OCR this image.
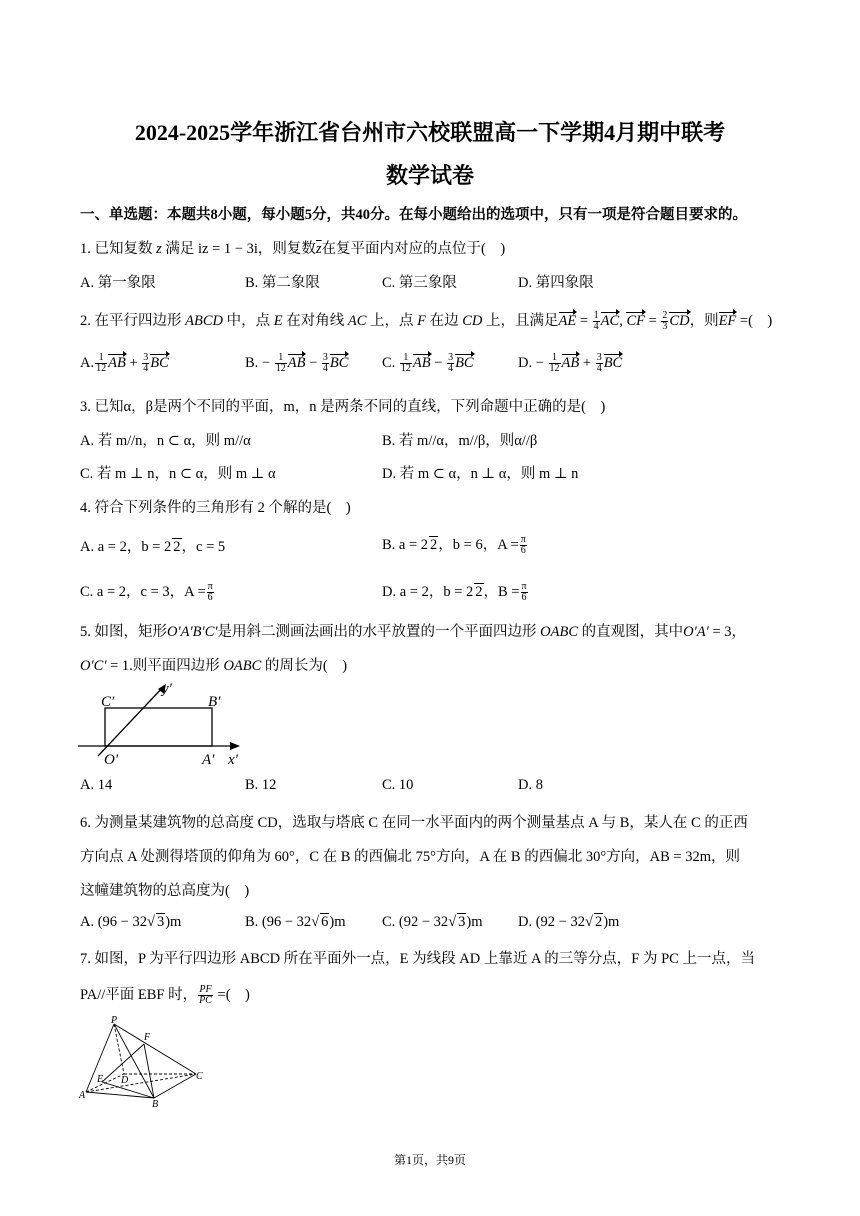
2024-2025学年浙江省台州市六校联盟高一下学期4月期中联考
数学试卷
一、单选题：本题共8小题，每小题5分，共40分。在每小题给出的选项中，只有一项是符合题目要求的。
1. 已知复数 z 满足 iz = 1 − 3i，则复数$\overline{z}$在复平面内对应的点位于(　)
A. 第一象限	B. 第二象限	C. 第三象限	D. 第四象限
2. 在平行四边形 ABCD 中，点 E 在对角线 AC 上，点 F 在边 CD 上，且满足AE = $\frac{1}{4}$ AC, CF = $\frac{2}{3}$ CD，则EF =(　)
A. $\frac{1}{12}$ AB + $\frac{3}{4}$ BC	B. − $\frac{1}{12}$ AB − $\frac{3}{4}$ BC C. $\frac{1}{12}$ AB − $\frac{3}{4}$ BC	D. − $\frac{1}{12}$ AB + $\frac{3}{4}$ BC
3. 已知α，β是两个不同的平面，m，n 是两条不同的直线，下列命题中正确的是(　)
A. 若 m//n，n ⊂ α，则 m//α	B. 若 m//α，m//β，则α//β
C. 若 m ⊥ n，n ⊂ α，则 m ⊥ α	D. 若 m ⊂ α，n ⊥ α，则 m ⊥ n
4. 符合下列条件的三角形有 2 个解的是(　)
A. a = 2，b = 2 2，c = 5	B. a = 2 2，b = 6，$A = \frac{\pi}{6}$
C. a = 2，c = 3，$A = \frac{\pi}{6}$	D. a = 2，b = 2 2，$B = \frac{\pi}{6}$
5. 如图，矩形O′A′B′C′是用斜二测画法画出的水平放置的一个平面四边形 OABC 的直观图，其中O′A′ = 3，
O′C′ = 1.则平面四边形 OABC 的周长为(　)
C′	B′
O′	A′
y′
x′
A. 14	B. 12	C. 10	D. 8
6. 为测量某建筑物的总高度 CD，选取与塔底 C 在同一水平面内的两个测量基点 A 与 B，某人在 C 的正西
方向点 A 处测得塔顶的仰角为 60°，C 在 B 的西偏北 75°方向，A 在 B 的西偏北 30°方向，AB = 32m，则
这幢建筑物的总高度为(　)
A. (96 − 32√ 3)m	B. (96 − 32√ 6)m	C. (92 − 32√ 3)m D. (92 − 32√ 2)m
7. 如图，P 为平行四边形 ABCD 所在平面外一点，E 为线段 AD 上靠近 A 的三等分点，F 为 PC 上一点，当
PA//平面 EBF 时， $\frac{PF}{PC}$ =(　)
P
F
E D	C
A
B
第1页，共9页
